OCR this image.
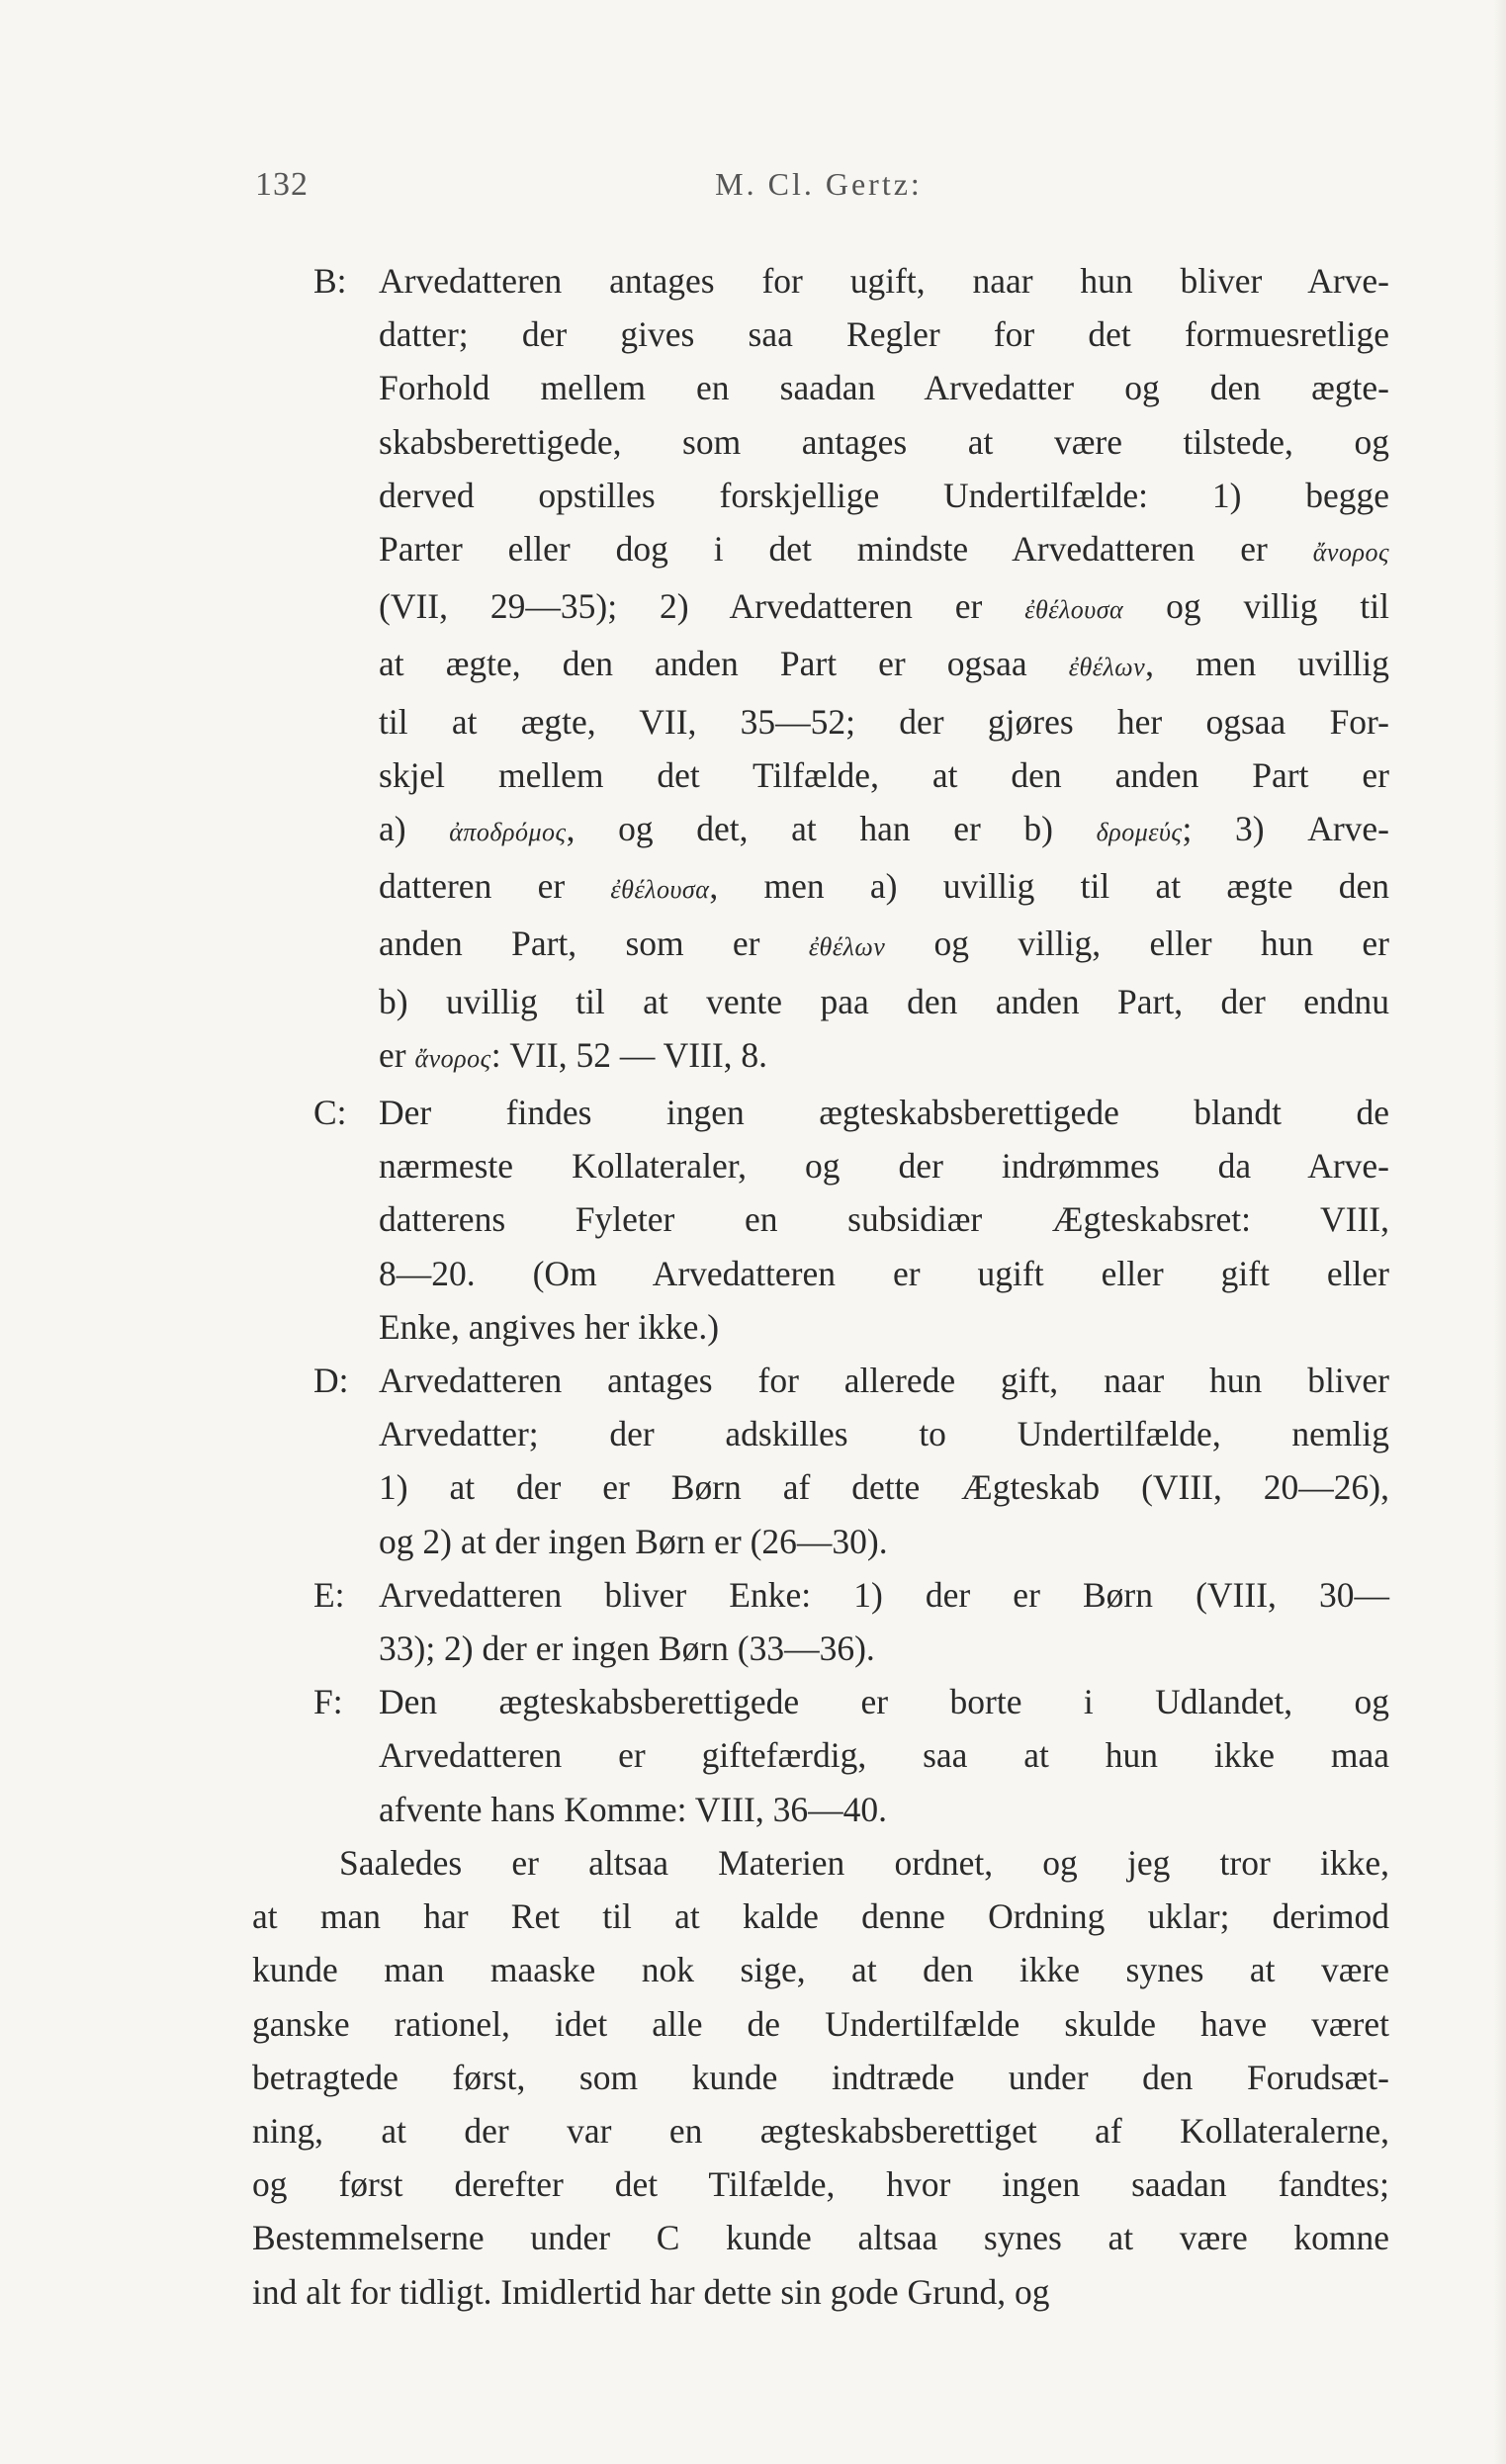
132	M. Cl. Gertz:
B: Arvedatteren antages for ugift, naar hun bliver Arve-
datter; der gives saa Regler for det formuesretlige
Forhold mellem en saadan Arvedatter og den ægte-
skabsberettigede, som antages at være tilstede, og
derved opstilles forskjellige Undertilfælde: 1) begge
Parter eller dog i det mindste Arvedatteren er ἄνορος
(VII, 29—35); 2) Arvedatteren er ἐθέλουσα og villig til
at ægte, den anden Part er ogsaa ἐθέλων, men uvillig
til at ægte, VII, 35—52; der gjøres her ogsaa For-
skjel mellem det Tilfælde, at den anden Part er
a) ἀποδρόμος, og det, at han er b) δρομεύς; 3) Arve-
datteren er ἐθέλουσα, men a) uvillig til at ægte den
anden Part, som er ἐθέλων og villig, eller hun er
b) uvillig til at vente paa den anden Part, der endnu
er ἄνορος: VII, 52 — VIII, 8.
C: Der findes ingen ægteskabsberettigede blandt de
nærmeste Kollateraler, og der indrømmes da Arve-
datterens Fyleter en subsidiær Ægteskabsret: VIII,
8—20. (Om Arvedatteren er ugift eller gift eller
Enke, angives her ikke.)
D: Arvedatteren antages for allerede gift, naar hun bliver
Arvedatter; der adskilles to Undertilfælde, nemlig
1) at der er Børn af dette Ægteskab (VIII, 20—26),
og 2) at der ingen Børn er (26—30).
E: Arvedatteren bliver Enke: 1) der er Børn (VIII, 30—
33); 2) der er ingen Børn (33—36).
F: Den ægteskabsberettigede er borte i Udlandet, og
Arvedatteren er giftefærdig, saa at hun ikke maa
afvente hans Komme: VIII, 36—40.
Saaledes er altsaa Materien ordnet, og jeg tror ikke,
at man har Ret til at kalde denne Ordning uklar; derimod
kunde man maaske nok sige, at den ikke synes at være
ganske rationel, idet alle de Undertilfælde skulde have været
betragtede først, som kunde indtræde under den Forudsæt-
ning, at der var en ægteskabsberettiget af Kollateralerne,
og først derefter det Tilfælde, hvor ingen saadan fandtes;
Bestemmelserne under C kunde altsaa synes at være komne
ind alt for tidligt. Imidlertid har dette sin gode Grund, og
